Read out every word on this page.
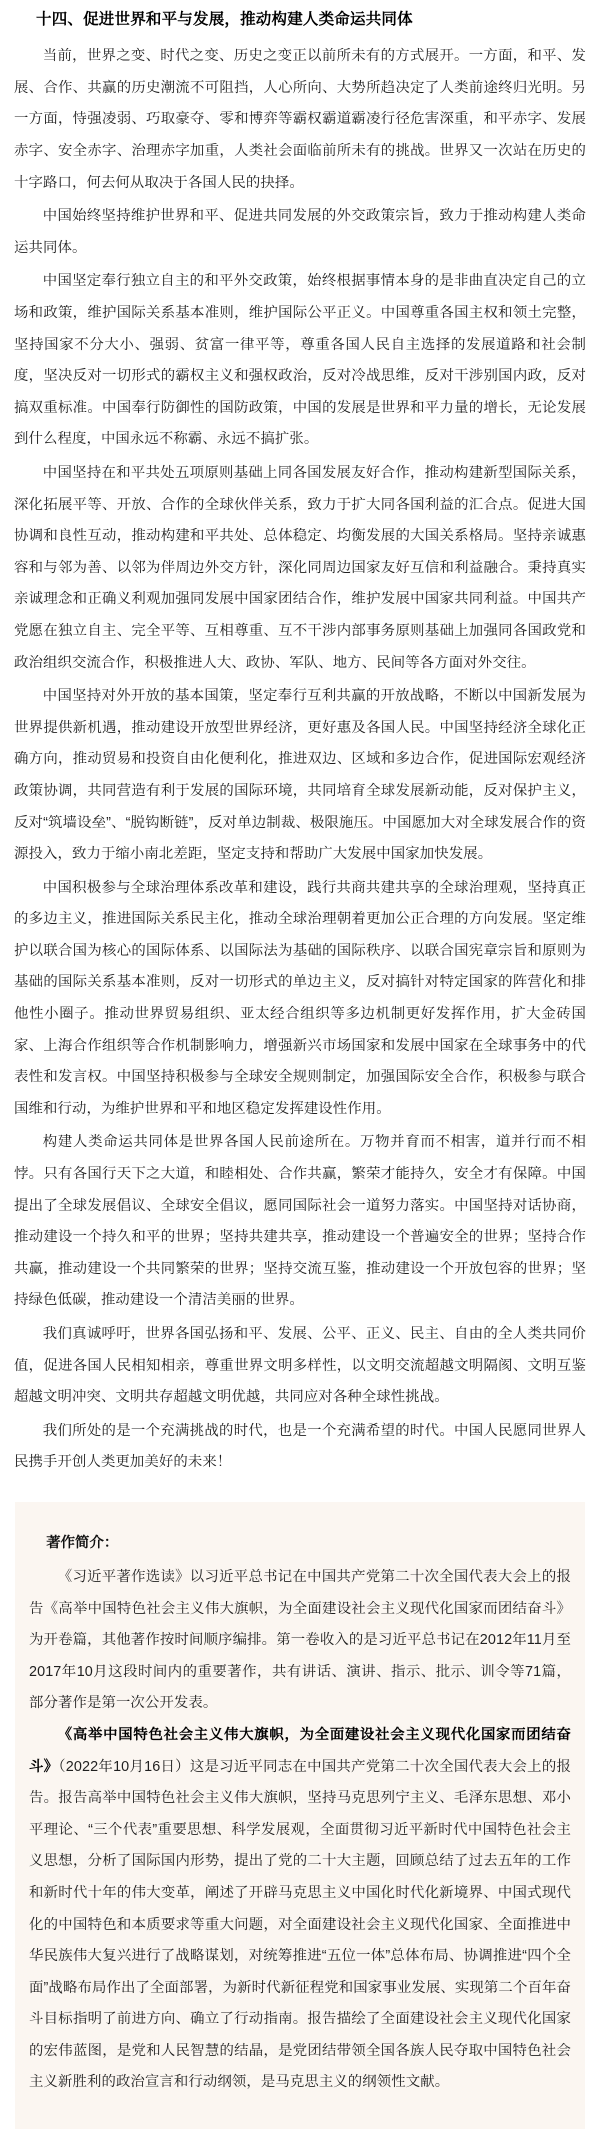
十四、促进世界和平与发展，推动构建人类命运共同体

当前，世界之变、时代之变、历史之变正以前所未有的方式展开。一方面，和平、发展、合作、共赢的历史潮流不可阻挡，人心所向、大势所趋决定了人类前途终归光明。另一方面，恃强凌弱、巧取豪夺、零和博弈等霸权霸道霸凌行径危害深重，和平赤字、发展赤字、安全赤字、治理赤字加重，人类社会面临前所未有的挑战。世界又一次站在历史的十字路口，何去何从取决于各国人民的抉择。

中国始终坚持维护世界和平、促进共同发展的外交政策宗旨，致力于推动构建人类命运共同体。

中国坚定奉行独立自主的和平外交政策，始终根据事情本身的是非曲直决定自己的立场和政策，维护国际关系基本准则，维护国际公平正义。中国尊重各国主权和领土完整，坚持国家不分大小、强弱、贫富一律平等，尊重各国人民自主选择的发展道路和社会制度，坚决反对一切形式的霸权主义和强权政治，反对冷战思维，反对干涉别国内政，反对搞双重标准。中国奉行防御性的国防政策，中国的发展是世界和平力量的增长，无论发展到什么程度，中国永远不称霸、永远不搞扩张。

中国坚持在和平共处五项原则基础上同各国发展友好合作，推动构建新型国际关系，深化拓展平等、开放、合作的全球伙伴关系，致力于扩大同各国利益的汇合点。促进大国协调和良性互动，推动构建和平共处、总体稳定、均衡发展的大国关系格局。坚持亲诚惠容和与邻为善、以邻为伴周边外交方针，深化同周边国家友好互信和利益融合。秉持真实亲诚理念和正确义利观加强同发展中国家团结合作，维护发展中国家共同利益。中国共产党愿在独立自主、完全平等、互相尊重、互不干涉内部事务原则基础上加强同各国政党和政治组织交流合作，积极推进人大、政协、军队、地方、民间等各方面对外交往。

中国坚持对外开放的基本国策，坚定奉行互利共赢的开放战略，不断以中国新发展为世界提供新机遇，推动建设开放型世界经济，更好惠及各国人民。中国坚持经济全球化正确方向，推动贸易和投资自由化便利化，推进双边、区域和多边合作，促进国际宏观经济政策协调，共同营造有利于发展的国际环境，共同培育全球发展新动能，反对保护主义，反对“筑墙设垒”、“脱钩断链”，反对单边制裁、极限施压。中国愿加大对全球发展合作的资源投入，致力于缩小南北差距，坚定支持和帮助广大发展中国家加快发展。

中国积极参与全球治理体系改革和建设，践行共商共建共享的全球治理观，坚持真正的多边主义，推进国际关系民主化，推动全球治理朝着更加公正合理的方向发展。坚定维护以联合国为核心的国际体系、以国际法为基础的国际秩序、以联合国宪章宗旨和原则为基础的国际关系基本准则，反对一切形式的单边主义，反对搞针对特定国家的阵营化和排他性小圈子。推动世界贸易组织、亚太经合组织等多边机制更好发挥作用，扩大金砖国家、上海合作组织等合作机制影响力，增强新兴市场国家和发展中国家在全球事务中的代表性和发言权。中国坚持积极参与全球安全规则制定，加强国际安全合作，积极参与联合国维和行动，为维护世界和平和地区稳定发挥建设性作用。

构建人类命运共同体是世界各国人民前途所在。万物并育而不相害，道并行而不相悖。只有各国行天下之大道，和睦相处、合作共赢，繁荣才能持久，安全才有保障。中国提出了全球发展倡议、全球安全倡议，愿同国际社会一道努力落实。中国坚持对话协商，推动建设一个持久和平的世界；坚持共建共享，推动建设一个普遍安全的世界；坚持合作共赢，推动建设一个共同繁荣的世界；坚持交流互鉴，推动建设一个开放包容的世界；坚持绿色低碳，推动建设一个清洁美丽的世界。

我们真诚呼吁，世界各国弘扬和平、发展、公平、正义、民主、自由的全人类共同价值，促进各国人民相知相亲，尊重世界文明多样性，以文明交流超越文明隔阂、文明互鉴超越文明冲突、文明共存超越文明优越，共同应对各种全球性挑战。

我们所处的是一个充满挑战的时代，也是一个充满希望的时代。中国人民愿同世界人民携手开创人类更加美好的未来！

著作简介：

《习近平著作选读》以习近平总书记在中国共产党第二十次全国代表大会上的报告《高举中国特色社会主义伟大旗帜，为全面建设社会主义现代化国家而团结奋斗》为开卷篇，其他著作按时间顺序编排。第一卷收入的是习近平总书记在2012年11月至2017年10月这段时间内的重要著作，共有讲话、演讲、指示、批示、训令等71篇，部分著作是第一次公开发表。

《高举中国特色社会主义伟大旗帜，为全面建设社会主义现代化国家而团结奋斗》（2022年10月16日）这是习近平同志在中国共产党第二十次全国代表大会上的报告。报告高举中国特色社会主义伟大旗帜，坚持马克思列宁主义、毛泽东思想、邓小平理论、“三个代表”重要思想、科学发展观，全面贯彻习近平新时代中国特色社会主义思想，分析了国际国内形势，提出了党的二十大主题，回顾总结了过去五年的工作和新时代十年的伟大变革，阐述了开辟马克思主义中国化时代化新境界、中国式现代化的中国特色和本质要求等重大问题，对全面建设社会主义现代化国家、全面推进中华民族伟大复兴进行了战略谋划，对统筹推进“五位一体”总体布局、协调推进“四个全面”战略布局作出了全面部署，为新时代新征程党和国家事业发展、实现第二个百年奋斗目标指明了前进方向、确立了行动指南。报告描绘了全面建设社会主义现代化国家的宏伟蓝图，是党和人民智慧的结晶，是党团结带领全国各族人民夺取中国特色社会主义新胜利的政治宣言和行动纲领，是马克思主义的纲领性文献。
